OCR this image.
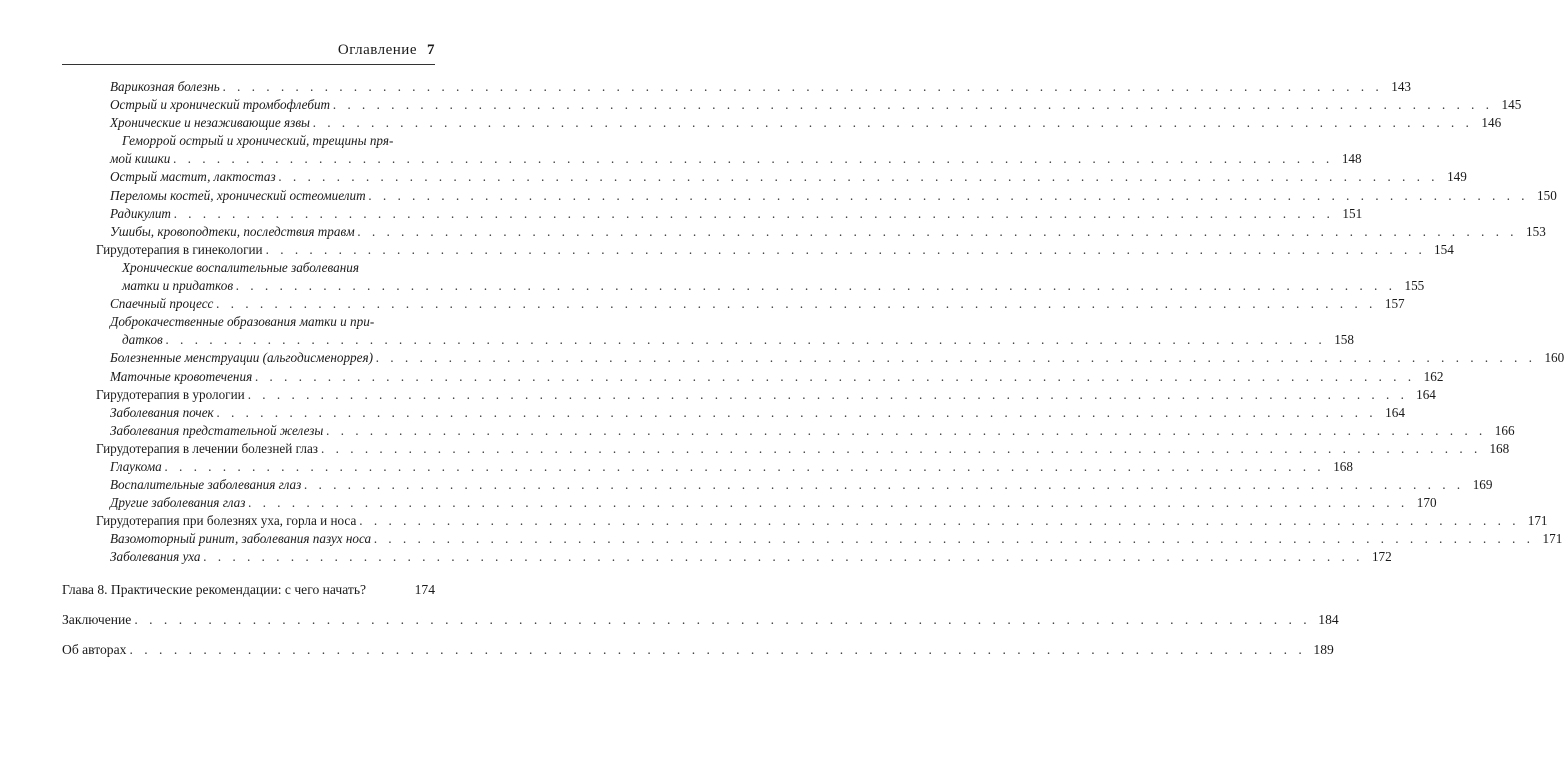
Оглавление 7
Варикозная болезнь . . .	143
Острый и хронический тромбофлебит . . .	145
Хронические и незаживающие язвы . . .	146
Геморрой острый и хронический, трещины пря-
мой кишки . . .	148
Острый мастит, лактостаз . . .	149
Переломы костей, хронический остеомиелит . . .	150
Радикулит . . .	151
Ушибы, кровоподтеки, последствия травм . . .	153
Гирудотерапия в гинекологии . . .	154
Хронические воспалительные заболевания
матки и придатков . . .	155
Спаечный процесс . . .	157
Доброкачественные образования матки и при-
датков . . .	158
Болезненные менструации (альгодисменоррея) . . .	160
Маточные кровотечения . . .	162
Гирудотерапия в урологии . . .	164
Заболевания почек . . .	164
Заболевания предстательной железы . . .	166
Гирудотерапия в лечении болезней глаз . . .	168
Глаукома . . .	168
Воспалительные заболевания глаз . . .	169
Другие заболевания глаз . . .	170
Гирудотерапия при болезнях уха, горла и носа . . .	171
Вазомоторный ринит, заболевания пазух носа . . .	171
Заболевания уха . . .	172
Глава 8. Практические рекомендации: с чего начать?	174
Заключение . . .	184
Об авторах . . .	189
